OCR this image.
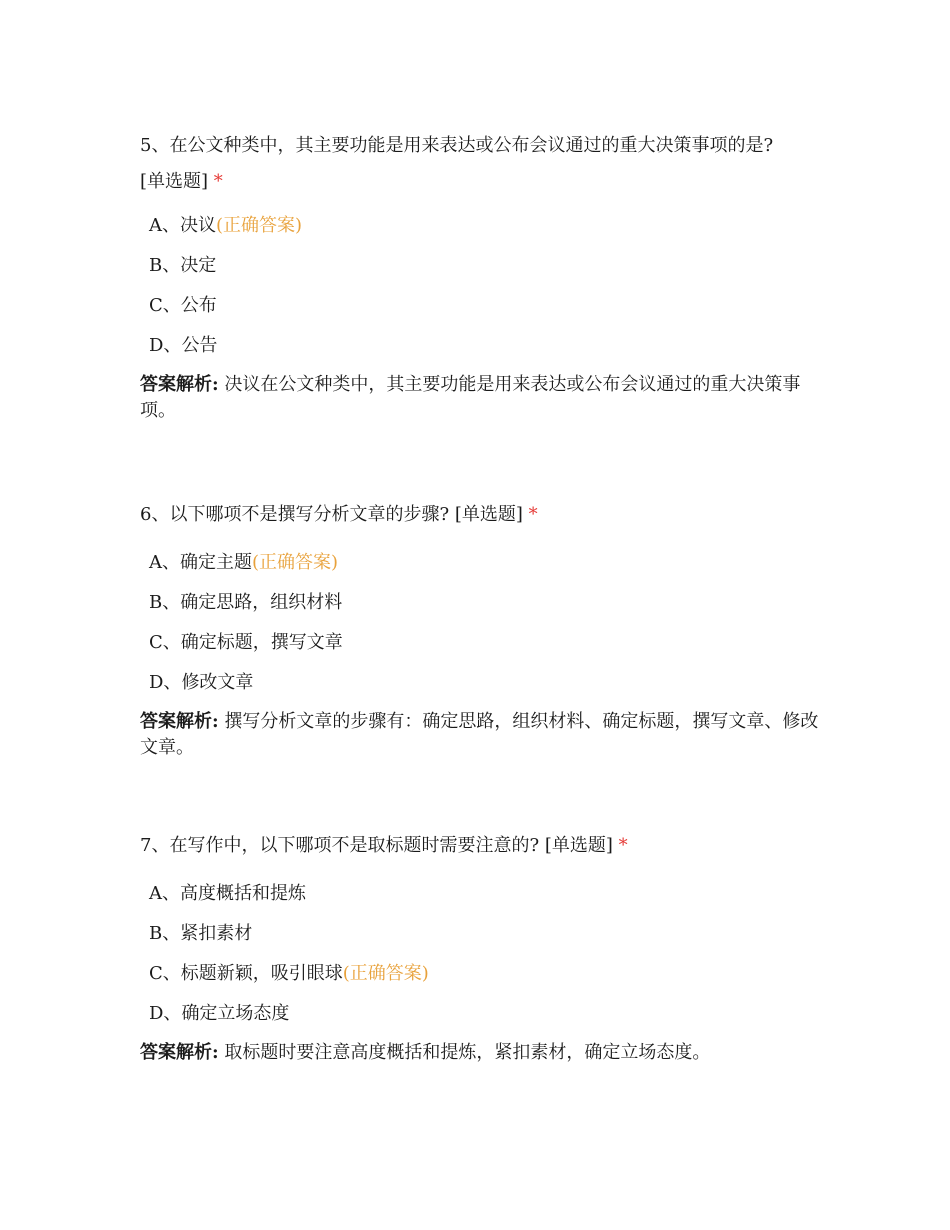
5、在公文种类中，其主要功能是用来表达或公布会议通过的重大决策事项的是?
[单选题] *

A、决议(正确答案)
B、决定
C、公布
D、公告
答案解析: 决议在公文种类中，其主要功能是用来表达或公布会议通过的重大决策事项。

6、以下哪项不是撰写分析文章的步骤? [单选题] *

A、确定主题(正确答案)
B、确定思路，组织材料
C、确定标题，撰写文章
D、修改文章
答案解析: 撰写分析文章的步骤有：确定思路，组织材料、确定标题，撰写文章、修改文章。

7、在写作中，以下哪项不是取标题时需要注意的? [单选题] *

A、高度概括和提炼
B、紧扣素材
C、标题新颖，吸引眼球(正确答案)
D、确定立场态度
答案解析: 取标题时要注意高度概括和提炼，紧扣素材，确定立场态度。
